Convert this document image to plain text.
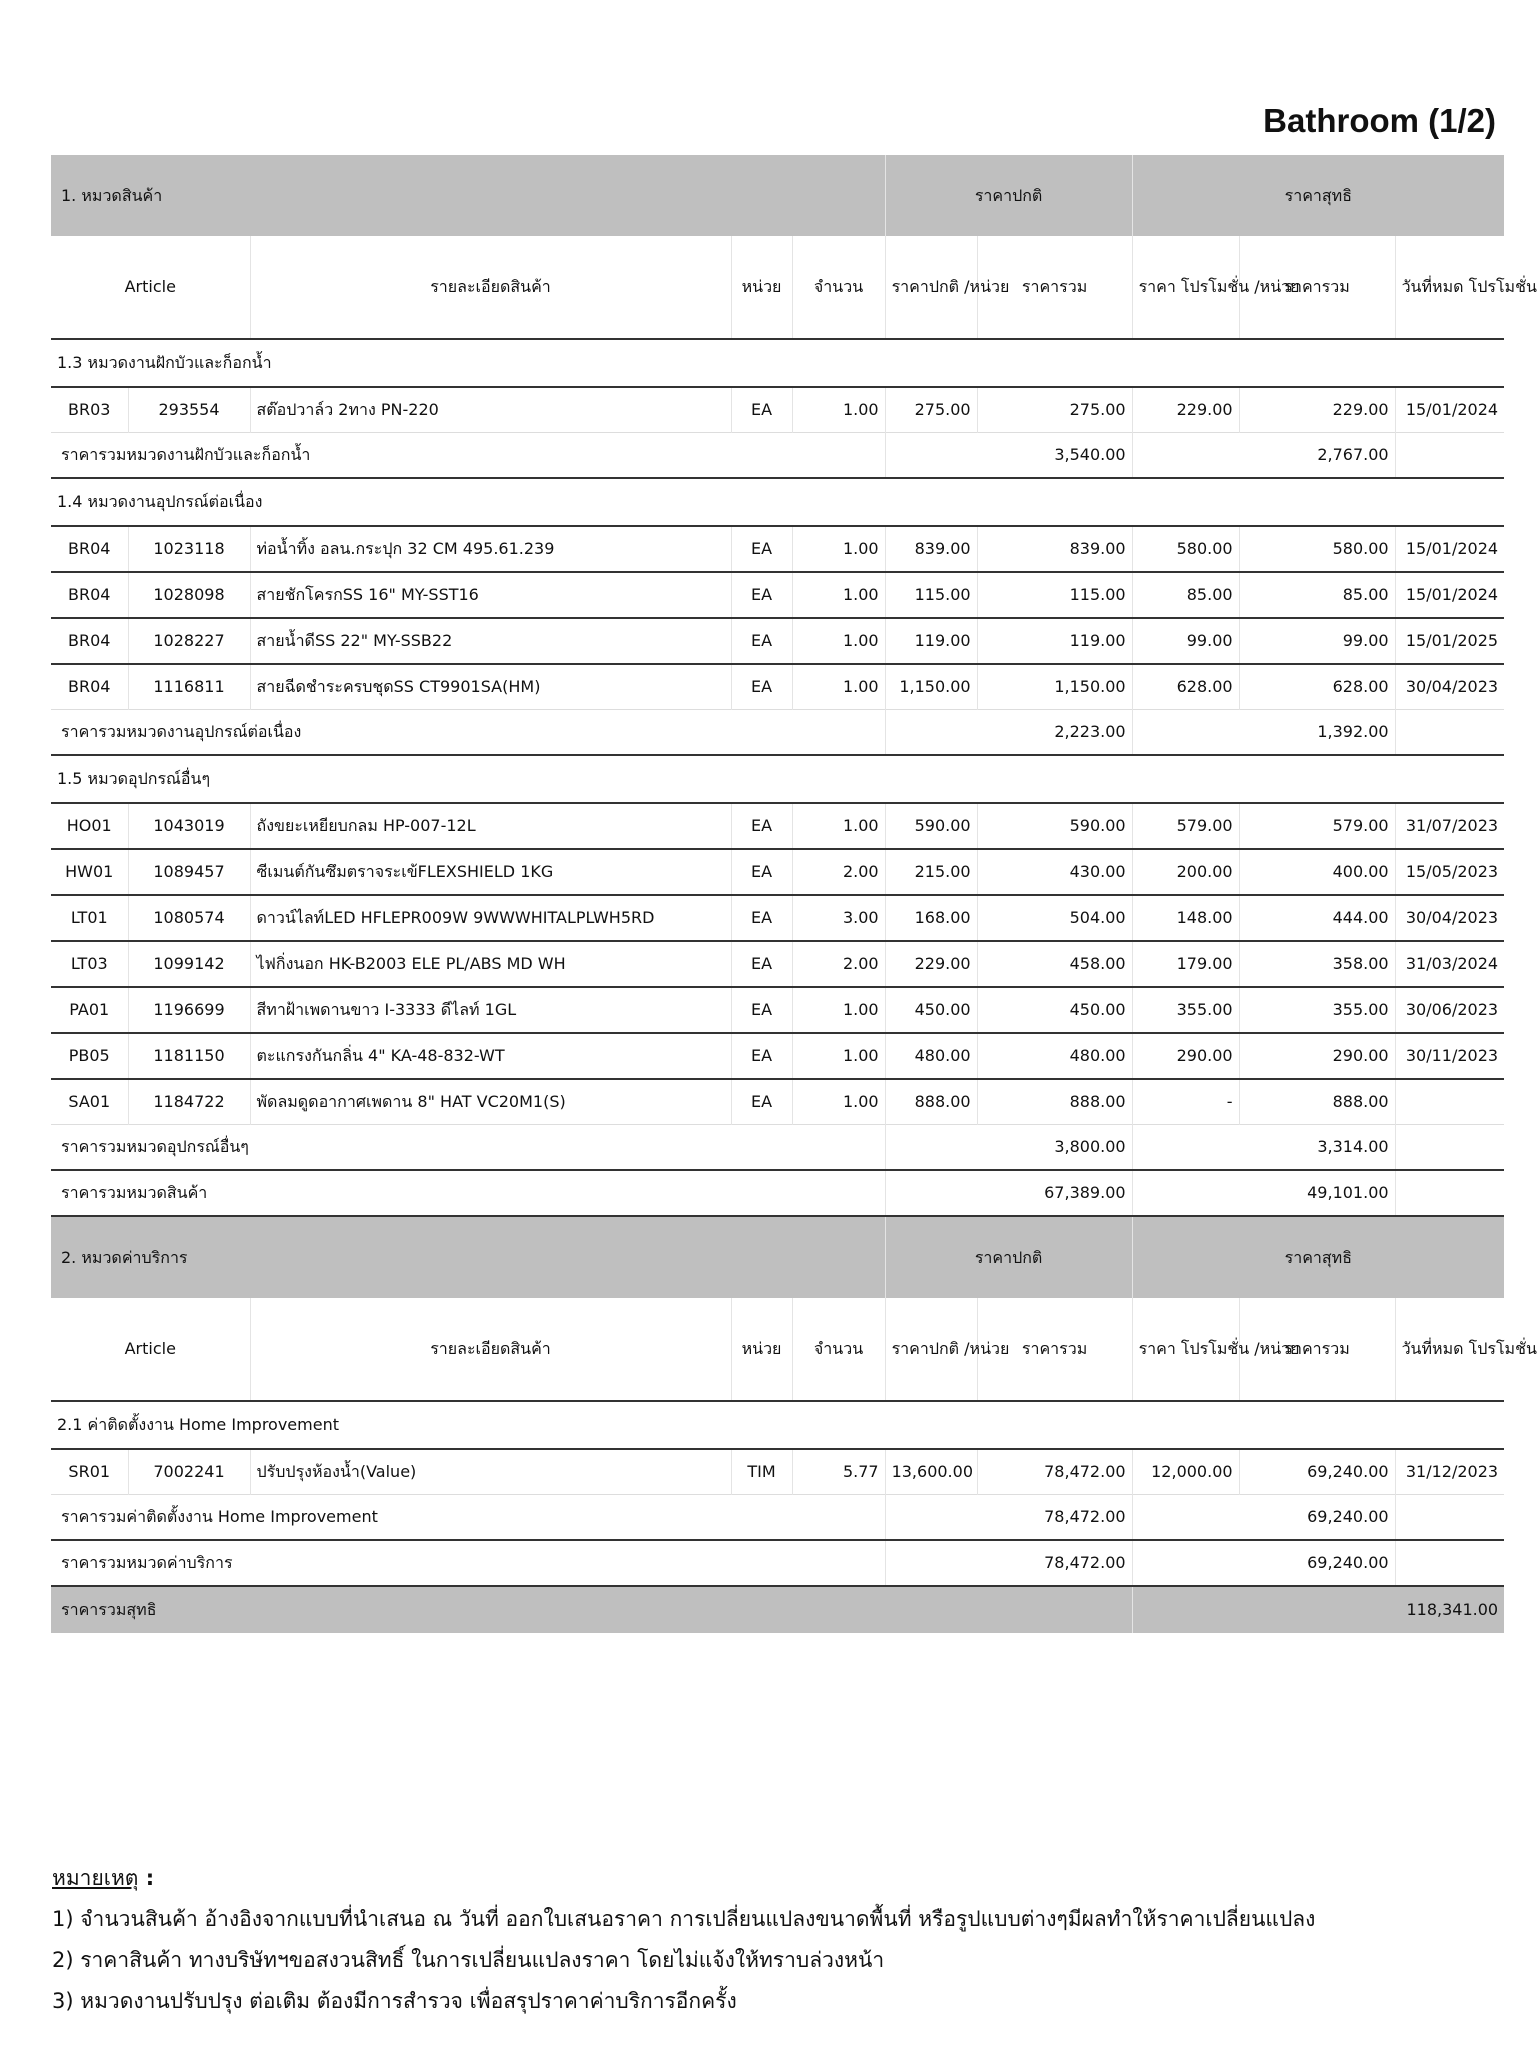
Bathroom (1/2)
1. หมวดสินค้า					ราคาปกติ		ราคาสุทธิ		
Article		รายละเอียดสินค้า	หน่วย	จำนวน	ราคาปกติ /หน่วย	ราคารวม	ราคา โปรโมชั่น /หน่วย	ราคารวม	วันที่หมด โปรโมชั่น
1.3 หมวดงานฝักบัวและก็อกน้ำ									
BR03	293554	สต๊อปวาล์ว 2ทาง PN-220	EA	1.00	275.00	275.00	229.00	229.00	15/01/2024
ราคารวมหมวดงานฝักบัวและก็อกน้ำ					3,540.00		2,767.00		
1.4 หมวดงานอุปกรณ์ต่อเนื่อง									
BR04	1023118	ท่อน้ำทิ้ง อลน.กระปุก 32 CM 495.61.239	EA	1.00	839.00	839.00	580.00	580.00	15/01/2024
BR04	1028098	สายชักโครกSS 16" MY-SST16	EA	1.00	115.00	115.00	85.00	85.00	15/01/2024
BR04	1028227	สายน้ำดีSS 22" MY-SSB22	EA	1.00	119.00	119.00	99.00	99.00	15/01/2025
BR04	1116811	สายฉีดชำระครบชุดSS CT9901SA(HM)	EA	1.00	1,150.00	1,150.00	628.00	628.00	30/04/2023
ราคารวมหมวดงานอุปกรณ์ต่อเนื่อง					2,223.00		1,392.00		
1.5 หมวดอุปกรณ์อื่นๆ									
HO01	1043019	ถังขยะเหยียบกลม HP-007-12L	EA	1.00	590.00	590.00	579.00	579.00	31/07/2023
HW01	1089457	ซีเมนต์กันซึมตราจระเข้FLEXSHIELD 1KG	EA	2.00	215.00	430.00	200.00	400.00	15/05/2023
LT01	1080574	ดาวน์ไลท์LED HFLEPR009W 9WWWHITALPLWH5RD	EA	3.00	168.00	504.00	148.00	444.00	30/04/2023
LT03	1099142	ไฟกิ่งนอก HK-B2003 ELE PL/ABS MD WH	EA	2.00	229.00	458.00	179.00	358.00	31/03/2024
PA01	1196699	สีทาฝ้าเพดานขาว I-3333 ดีไลท์ 1GL	EA	1.00	450.00	450.00	355.00	355.00	30/06/2023
PB05	1181150	ตะแกรงกันกลิ่น 4" KA-48-832-WT	EA	1.00	480.00	480.00	290.00	290.00	30/11/2023
SA01	1184722	พัดลมดูดอากาศเพดาน 8" HAT VC20M1(S)	EA	1.00	888.00	888.00	-	888.00	
ราคารวมหมวดอุปกรณ์อื่นๆ					3,800.00		3,314.00		
ราคารวมหมวดสินค้า					67,389.00		49,101.00		
2. หมวดค่าบริการ					ราคาปกติ		ราคาสุทธิ		
Article		รายละเอียดสินค้า	หน่วย	จำนวน	ราคาปกติ /หน่วย	ราคารวม	ราคา โปรโมชั่น /หน่วย	ราคารวม	วันที่หมด โปรโมชั่น
2.1 ค่าติดตั้งงาน Home Improvement									
SR01	7002241	ปรับปรุงห้องน้ำ(Value)	TIM	5.77	13,600.00	78,472.00	12,000.00	69,240.00	31/12/2023
ราคารวมค่าติดตั้งงาน Home Improvement					78,472.00		69,240.00		
ราคารวมหมวดค่าบริการ					78,472.00		69,240.00		
ราคารวมสุทธิ							118,341.00		
หมายเหตุ :
1) จำนวนสินค้า อ้างอิงจากแบบที่นำเสนอ ณ วันที่ ออกใบเสนอราคา การเปลี่ยนแปลงขนาดพื้นที่ หรือรูปแบบต่างๆมีผลทำให้ราคาเปลี่ยนแปลง
2) ราคาสินค้า ทางบริษัทฯขอสงวนสิทธิ์ ในการเปลี่ยนแปลงราคา โดยไม่แจ้งให้ทราบล่วงหน้า
3) หมวดงานปรับปรุง ต่อเติม ต้องมีการสำรวจ เพื่อสรุปราคาค่าบริการอีกครั้ง
